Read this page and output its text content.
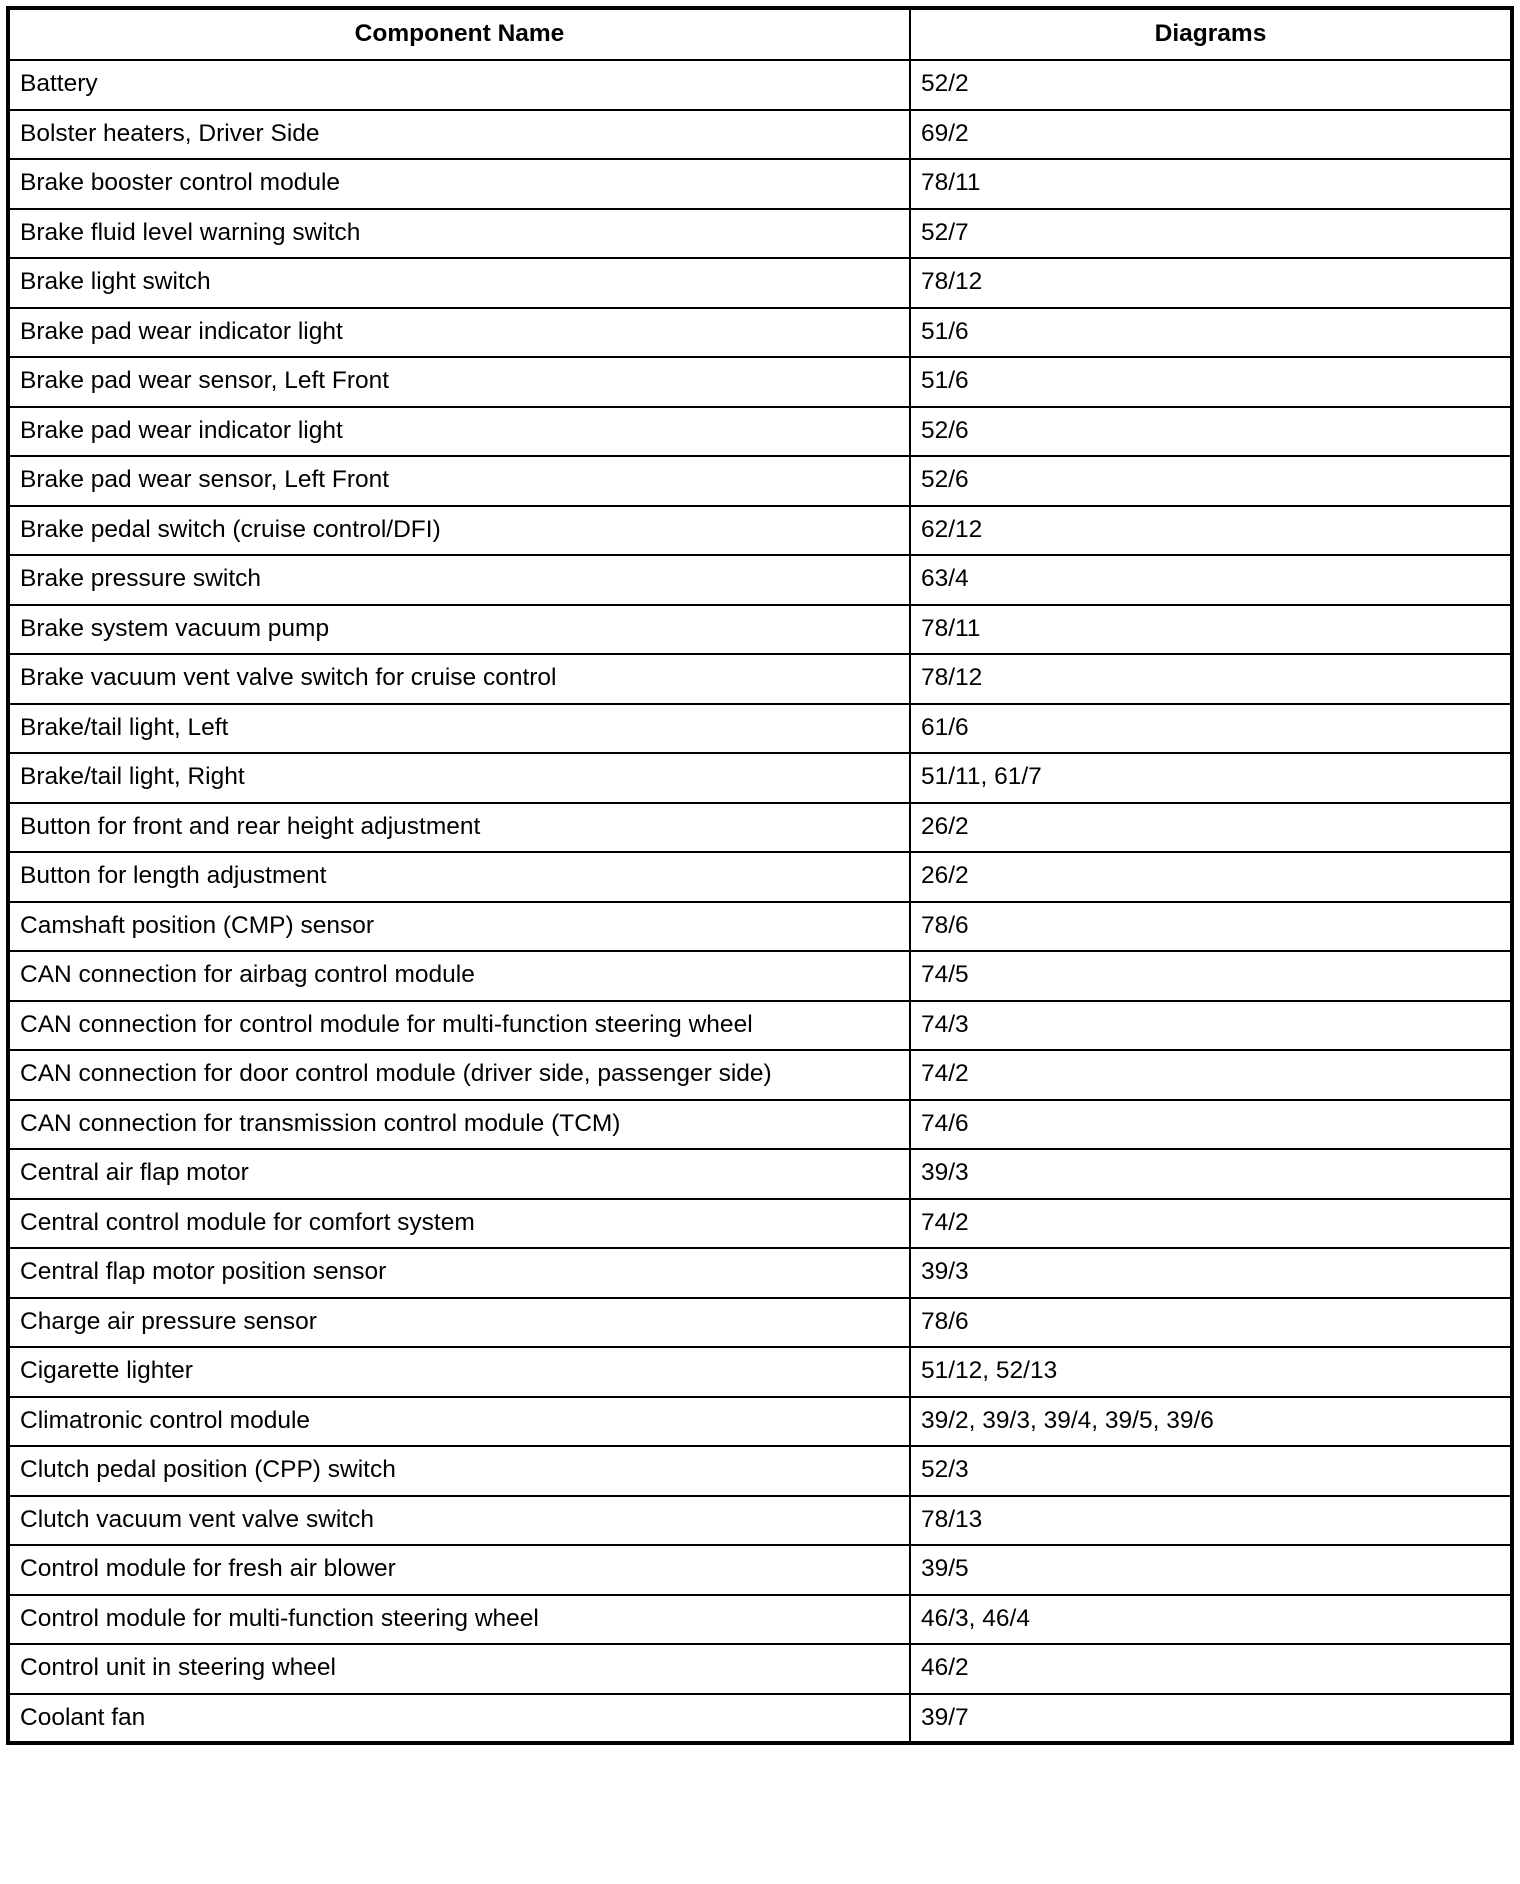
Component Name	Diagrams
Battery	52/2
Bolster heaters, Driver Side	69/2
Brake booster control module	78/11
Brake fluid level warning switch	52/7
Brake light switch	78/12
Brake pad wear indicator light	51/6
Brake pad wear sensor, Left Front	51/6
Brake pad wear indicator light	52/6
Brake pad wear sensor, Left Front	52/6
Brake pedal switch (cruise control/DFI)	62/12
Brake pressure switch	63/4
Brake system vacuum pump	78/11
Brake vacuum vent valve switch for cruise control	78/12
Brake/tail light, Left	61/6
Brake/tail light, Right	51/11, 61/7
Button for front and rear height adjustment	26/2
Button for length adjustment	26/2
Camshaft position (CMP) sensor	78/6
CAN connection for airbag control module	74/5
CAN connection for control module for multi-function steering wheel	74/3
CAN connection for door control module (driver side, passenger side)	74/2
CAN connection for transmission control module (TCM)	74/6
Central air flap motor	39/3
Central control module for comfort system	74/2
Central flap motor position sensor	39/3
Charge air pressure sensor	78/6
Cigarette lighter	51/12, 52/13
Climatronic control module	39/2, 39/3, 39/4, 39/5, 39/6
Clutch pedal position (CPP) switch	52/3
Clutch vacuum vent valve switch	78/13
Control module for fresh air blower	39/5
Control module for multi-function steering wheel	46/3, 46/4
Control unit in steering wheel	46/2
Coolant fan	39/7
